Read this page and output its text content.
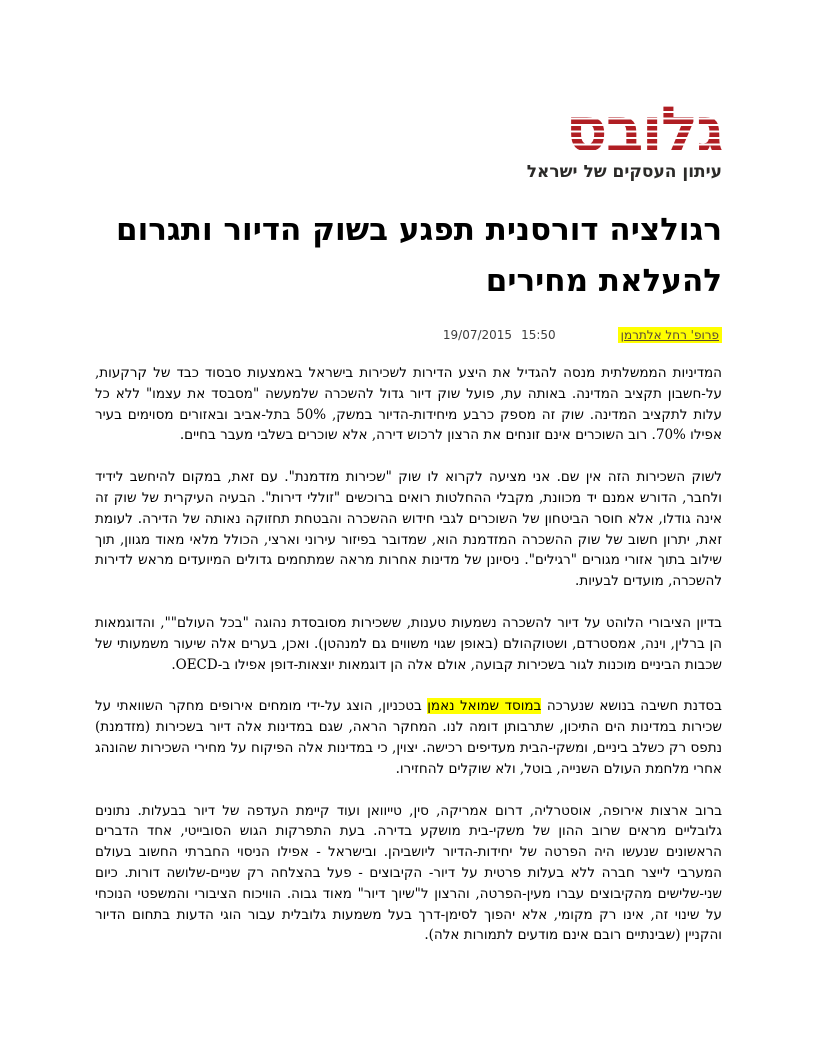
גלובס
עיתון העסקים של ישראל
רגולציה דורסנית תפגע בשוק הדיור ותגרום להעלאת מחירים
פרופ' רחל אלתרמן
19/07/2015 15:50

המדיניות הממשלתית מנסה להגדיל את היצע הדירות לשכירות בישראל באמצעות סבסוד כבד של קרקעות, על-חשבון תקציב המדינה. באותה עת, פועל שוק דיור גדול להשכרה שלמעשה "מסבסד את עצמו" ללא כל עלות לתקציב המדינה. שוק זה מספק כרבע מיחידות-הדיור במשק, 50% בתל-אביב ובאזורים מסוימים בעיר אפילו 70%. רוב השוכרים אינם זונחים את הרצון לרכוש דירה, אלא שוכרים בשלבי מעבר בחיים.

לשוק השכירות הזה אין שם. אני מציעה לקרוא לו שוק "שכירות מזדמנת". עם זאת, במקום להיחשב לידיד ולחבר, הדורש אמנם יד מכוונת, מקבלי ההחלטות רואים ברוכשים "זוללי דירות". הבעיה העיקרית של שוק זה אינה גודלו, אלא חוסר הביטחון של השוכרים לגבי חידוש ההשכרה והבטחת תחזוקה נאותה של הדירה. לעומת זאת, יתרון חשוב של שוק ההשכרה המזדמנת הוא, שמדובר בפיזור עירוני וארצי, הכולל מלאי מאוד מגוון, תוך שילוב בתוך אזורי מגורים "רגילים". ניסיונן של מדינות אחרות מראה שמתחמים גדולים המיועדים מראש לדירות להשכרה, מועדים לבעיות.

בדיון הציבורי הלוהט על דיור להשכרה נשמעות טענות, ששכירות מסובסדת נהוגה "בכל העולם"", והדוגמאות הן ברלין, וינה, אמסטרדם, ושטוקהולם (באופן שגוי משווים גם למנהטן). ואכן, בערים אלה שיעור משמעותי של שכבות הביניים מוכנות לגור בשכירות קבועה, אולם אלה הן דוגמאות יוצאות-דופן אפילו ב-OECD.

בסדנת חשיבה בנושא שנערכה במוסד שמואל נאמן בטכניון, הוצג על-ידי מומחים אירופים מחקר השוואתי על שכירות במדינות הים התיכון, שתרבותן דומה לנו. המחקר הראה, שגם במדינות אלה דיור בשכירות (מזדמנת) נתפס רק כשלב ביניים, ומשקי-הבית מעדיפים רכישה. יצוין, כי במדינות אלה הפיקוח על מחירי השכירות שהונהג אחרי מלחמת העולם השנייה, בוטל, ולא שוקלים להחזירו.

ברוב ארצות אירופה, אוסטרליה, דרום אמריקה, סין, טייוואן ועוד קיימת העדפה של דיור בבעלות. נתונים גלובליים מראים שרוב ההון של משקי-בית מושקע בדירה. בעת התפרקות הגוש הסובייטי, אחד הדברים הראשונים שנעשו היה הפרטה של יחידות-הדיור ליושביהן. ובישראל - אפילו הניסוי החברתי החשוב בעולם המערבי לייצר חברה ללא בעלות פרטית על דיור- הקיבוצים - פעל בהצלחה רק שניים-שלושה דורות. כיום שני-שלישים מהקיבוצים עברו מעין-הפרטה, והרצון ל"שיוך דיור" מאוד גבוה. הוויכוח הציבורי והמשפטי הנוכחי על שינוי זה, אינו רק מקומי, אלא יהפוך לסימן-דרך בעל משמעות גלובלית עבור הוגי הדעות בתחום הדיור והקניין (שבינתיים רובם אינם מודעים לתמורות אלה).
